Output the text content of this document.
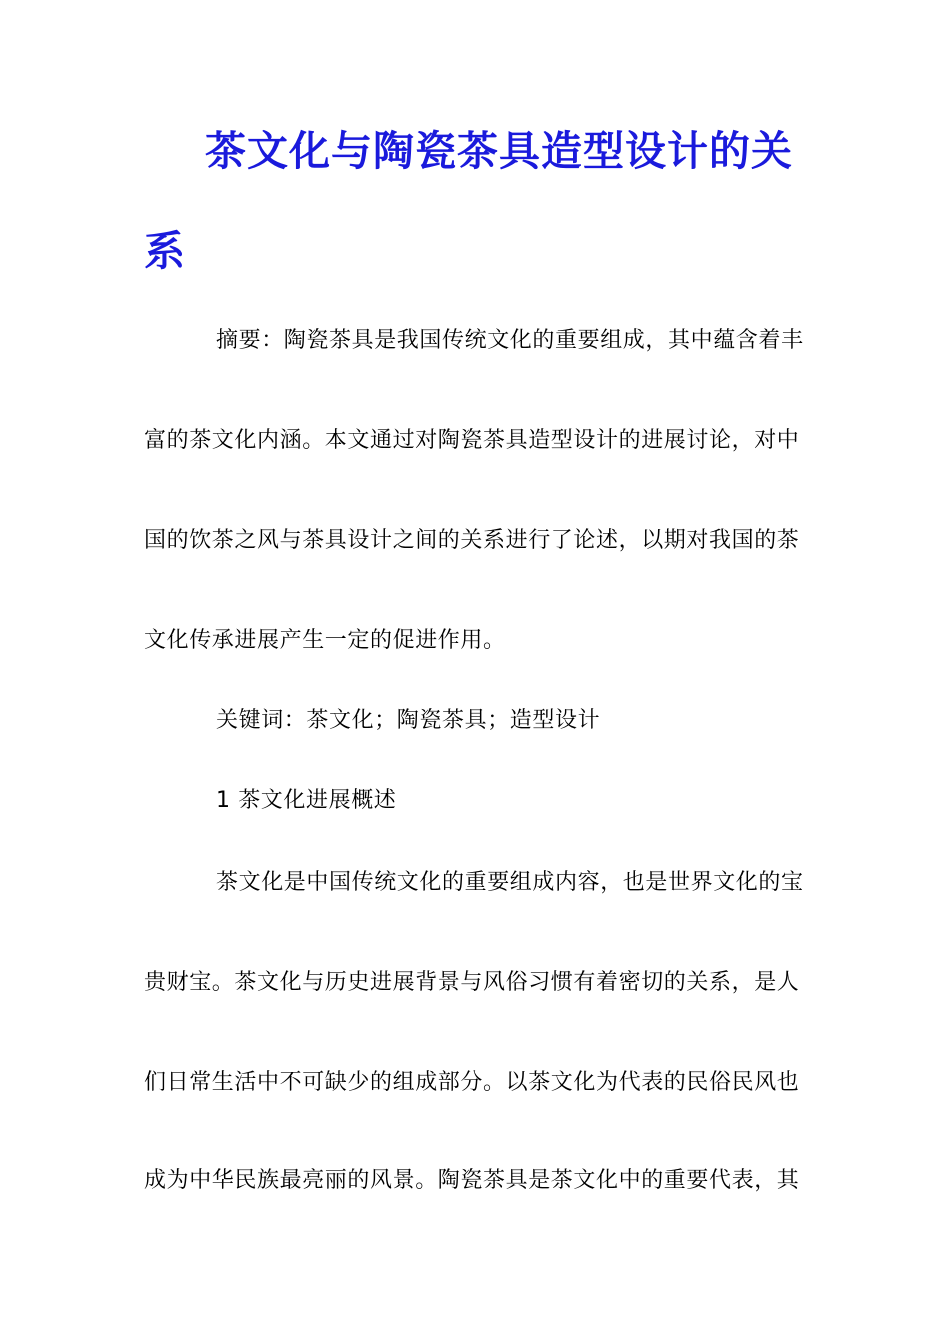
茶文化与陶瓷茶具造型设计的关
系
摘要：陶瓷茶具是我国传统文化的重要组成，其中蕴含着丰
富的茶文化内涵。本文通过对陶瓷茶具造型设计的进展讨论，对中
国的饮茶之风与茶具设计之间的关系进行了论述，以期对我国的茶
文化传承进展产生一定的促进作用。
关键词：茶文化；陶瓷茶具；造型设计
1 茶文化进展概述
茶文化是中国传统文化的重要组成内容，也是世界文化的宝
贵财宝。茶文化与历史进展背景与风俗习惯有着密切的关系，是人
们日常生活中不可缺少的组成部分。以茶文化为代表的民俗民风也
成为中华民族最亮丽的风景。陶瓷茶具是茶文化中的重要代表，其
